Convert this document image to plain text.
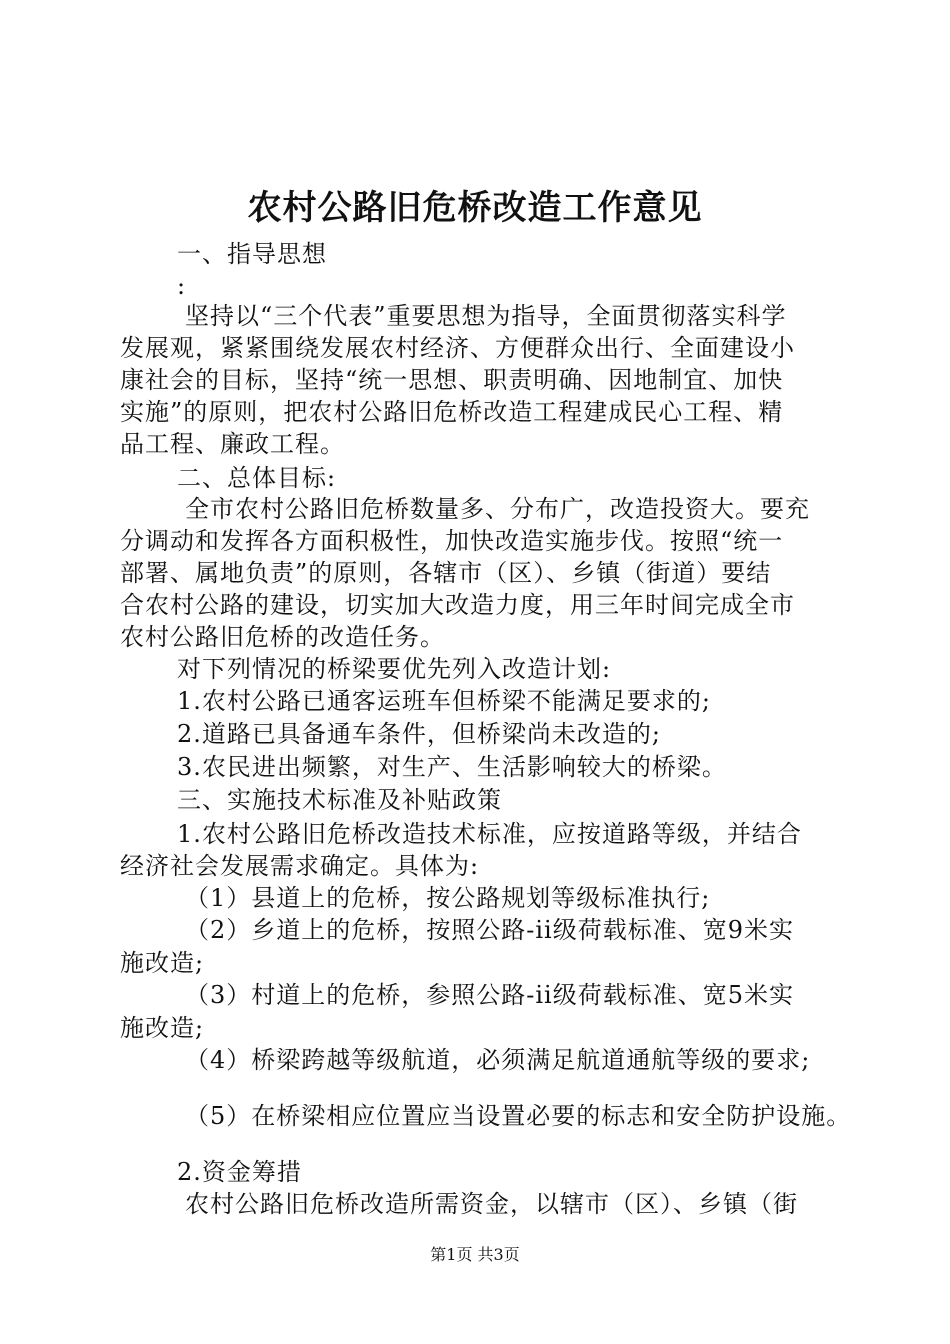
农村公路旧危桥改造工作意见
一、指导思想
:
坚持以“三个代表”重要思想为指导，全面贯彻落实科学
发展观，紧紧围绕发展农村经济、方便群众出行、全面建设小
康社会的目标，坚持“统一思想、职责明确、因地制宜、加快
实施”的原则，把农村公路旧危桥改造工程建成民心工程、精
品工程、廉政工程。
二、总体目标:
全市农村公路旧危桥数量多、分布广，改造投资大。要充
分调动和发挥各方面积极性，加快改造实施步伐。按照“统一
部署、属地负责”的原则，各辖市（区）、乡镇（街道）要结
合农村公路的建设，切实加大改造力度，用三年时间完成全市
农村公路旧危桥的改造任务。
对下列情况的桥梁要优先列入改造计划:
1.农村公路已通客运班车但桥梁不能满足要求的;
2.道路已具备通车条件，但桥梁尚未改造的;
3.农民进出频繁，对生产、生活影响较大的桥梁。
三、实施技术标准及补贴政策
1.农村公路旧危桥改造技术标准，应按道路等级，并结合
经济社会发展需求确定。具体为:
（1）县道上的危桥，按公路规划等级标准执行;
（2）乡道上的危桥，按照公路-ii级荷载标准、宽9米实
施改造;
（3）村道上的危桥，参照公路-ii级荷载标准、宽5米实
施改造;
（4）桥梁跨越等级航道，必须满足航道通航等级的要求;
（5）在桥梁相应位置应当设置必要的标志和安全防护设施。
2.资金筹措
农村公路旧危桥改造所需资金，以辖市（区）、乡镇（街
第1页 共3页
